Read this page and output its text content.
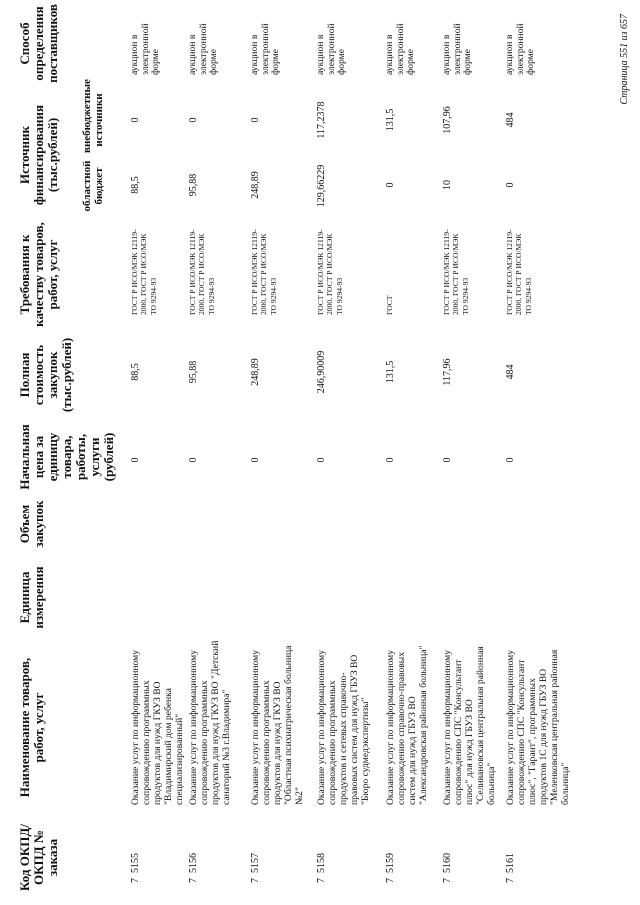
Код ОКПД/ ОКПД № заказа
Наименование товаров, работ, услуг
Единица измерения
Объем закупок
Начальная цена за единицу товара, работы, услуги (рублей)
Полная стоимость закупок (тыс.рублей)
Требования к качеству товаров, работ, услуг
Источник финансирования (тыс.рублей) областной бюджет
внебюджетные источники
Способ определения поставщиков
7  5155
Оказание услуг по информационному сопровождению программных продуктов для нужд ГКУЗ ВО "Владимирский дом ребенка специализированный"
0
88,5
ГОСТ Р ИСО/МЭК 12119-2000, ГОСТ Р ИСО/МЭК ТО 9294-93
88,5
0
аукцион в электронной форме
7  5156
Оказание услуг по информационному сопровождению программных продуктов для нужд ГКУЗ ВО "Детский санаторий №3 г.Владимира"
0
95,88
ГОСТ Р ИСО/МЭК 12119-2000, ГОСТ Р ИСО/МЭК ТО 9294-93
95,88
0
аукцион в электронной форме
7  5157
Оказание услуг по информационному сопровождению программных продуктов для нужд ГКУЗ ВО "Областная психиатрическая больница №2"
0
248,89
ГОСТ Р ИСО/МЭК 12119-2000, ГОСТ Р ИСО/МЭК ТО 9294-93
248,89
0
аукцион в электронной форме
7  5158
Оказание услуг по информационному сопровождению программных продуктов и сетевых справочно-правовых систем для нужд ГБУЗ ВО "Бюро судмедэкспертизы"
0
246,90009
ГОСТ Р ИСО/МЭК 12119-2000, ГОСТ Р ИСО/МЭК ТО 9294-93
129,66229
117,2378
аукцион в электронной форме
7  5159
Оказание услуг по информационному сопровождению справочно-правовых систем для нужд ГБУЗ ВО "Александровская районная больница"
0
131,5
ГОСТ
0
131,5
аукцион в электронной форме
7  5160
Оказание услуг по информационному сопровождению СПС "Консультант плюс" для нужд ГБУЗ ВО "Селивановская центральная районная больница"
0
117,96
ГОСТ Р ИСО/МЭК 12119-2000, ГОСТ Р ИСО/МЭК ТО 9294-93
10
107,96
аукцион в электронной форме
7  5161
Оказание услуг по информационному сопровождению СПС "Консультант плюс", "Гарант", программных продуктов 1С для нужд ГБУЗ ВО "Меленковская центральная районная больница"
0
484
ГОСТ Р ИСО/МЭК 12119-2000, ГОСТ Р ИСО/МЭК ТО 9294-93
0
484
аукцион в электронной форме	Страница 551 из 657
